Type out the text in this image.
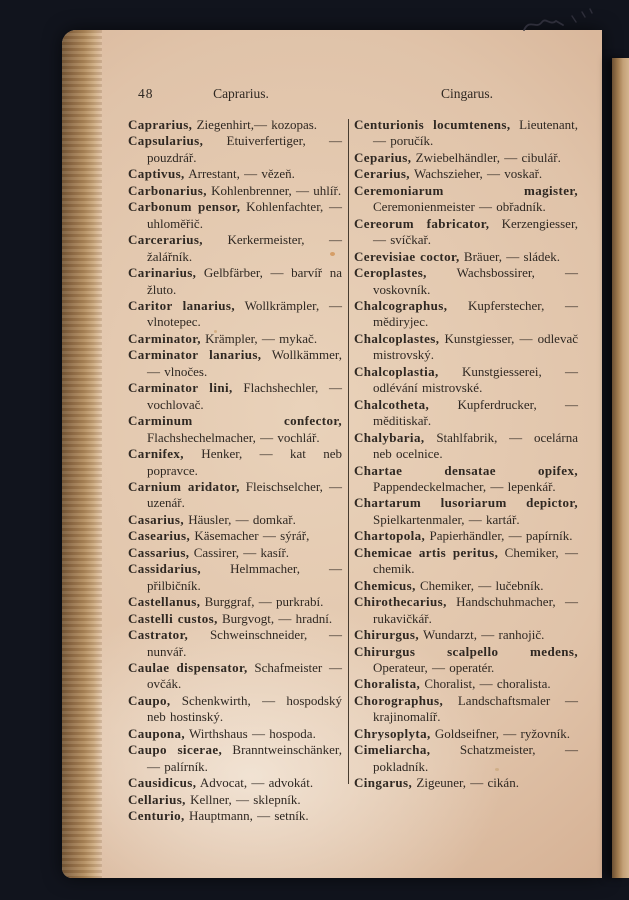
48	Caprarius.	Cingarus.

Caprarius, Ziegenhirt,— kozopas.

Capsularius, Etuiverfertiger, — pouzdrář.

Captivus, Arrestant, — vězeň.

Carbonarius, Kohlenbrenner, — uhlíř.

Carbonum pensor, Kohlenfachter, — uhloměřič.

Carcerarius, Kerkermeister, — žalářník.

Carinarius, Gelbfärber, — barvíř na žluto.

Caritor lanarius, Wollkrämpler, — vlnotepec.

Carminator, Krämpler, — mykač.

Carminator lanarius, Wollkämmer, — vlnočes.

Carminator lini, Flachshechler, — vochlovač.

Carminum confector, Flachshechelmacher, — vochlář.

Carnifex, Henker, — kat neb popravce.

Carnium aridator, Fleischselcher, — uzenář.

Casarius, Häusler, — domkař.

Casearius, Käsemacher — sýrář,

Cassarius, Cassirer, — kasíř.

Cassidarius, Helmmacher, — přilbičník.

Castellanus, Burggraf, — purkrabí.

Castelli custos, Burgvogt, — hradní.

Castrator, Schweinschneider, — nunvář.

Caulae dispensator, Schafmeister — ovčák.

Caupo, Schenkwirth, — hospodský neb hostinský.

Caupona, Wirthshaus — hospoda.

Caupo sicerae, Branntweinschänker, — palírník.

Causidicus, Advocat, — advokát.

Cellarius, Kellner, — sklepník.

Centurio, Hauptmann, — setník.

Centurionis locumtenens, Lieutenant, — poručík.

Ceparius, Zwiebelhändler, — cibulář.

Cerarius, Wachszieher, — voskař.

Ceremoniarum magister, Ceremonienmeister — obřadník.

Cereorum fabricator, Kerzengiesser, — svíčkař.

Cerevisiae coctor, Bräuer, — sládek.

Ceroplastes, Wachsbossirer, — voskovník.

Chalcographus, Kupferstecher, — mědiryjec.

Chalcoplastes, Kunstgiesser, — odlevač mistrovský.

Chalcoplastia, Kunstgiesserei, — odlévání mistrovské.

Chalcotheta, Kupferdrucker, — měditiskař.

Chalybaria, Stahlfabrik, — ocelárna neb ocelnice.

Chartae densatae opifex, Pappendeckelmacher, — lepenkář.

Chartarum lusoriarum depictor, Spielkartenmaler, — kartář.

Chartopola, Papierhändler, — papírník.

Chemicae artis peritus, Chemiker, — chemik.

Chemicus, Chemiker, — lučebník.

Chirothecarius, Handschuhmacher, — rukavičkář.

Chirurgus, Wundarzt, — ranhojič.

Chirurgus scalpello medens, Operateur, — operatér.

Choralista, Choralist, — choralista.

Chorographus, Landschaftsmaler — krajinomalíř.

Chrysoplyta, Goldseifner, — ryžovník.

Cimeliarcha, Schatzmeister, — pokladník.

Cingarus, Zigeuner, — cikán.
